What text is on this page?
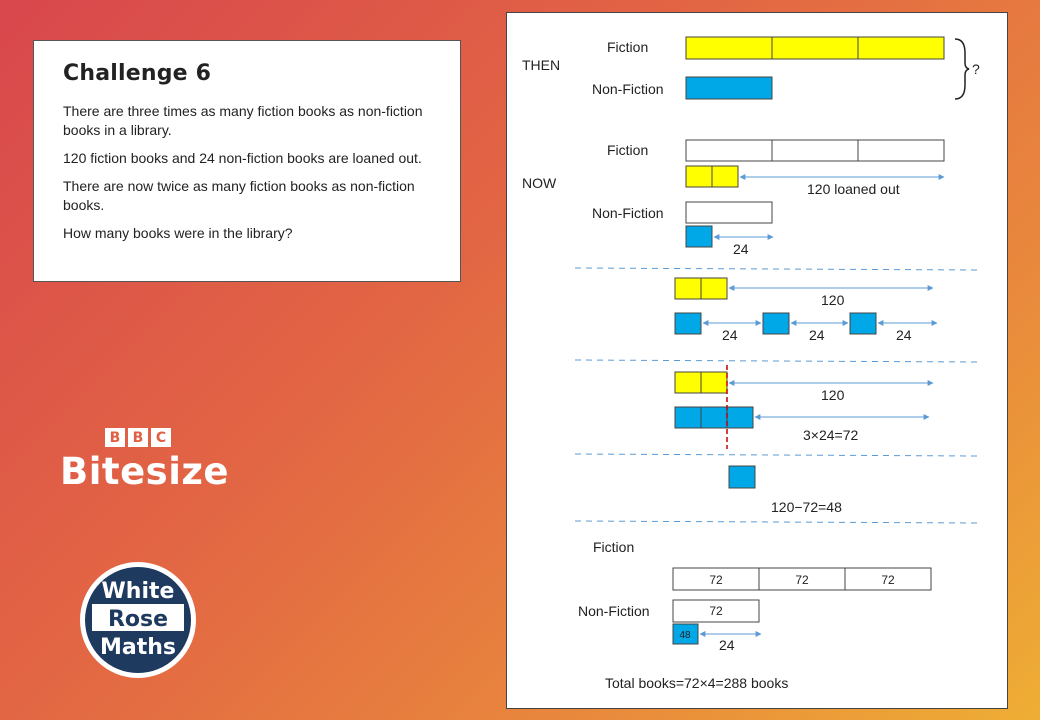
Challenge 6

There are three times as many fiction books as non-fiction books in a library.

120 fiction books and 24 non-fiction books are loaned out.

There are now twice as many fiction books as non-fiction books.

How many books were in the library?

B B C
Bitesize
White
Rose
Maths
THEN
Fiction
Non-Fiction
?
NOW
Fiction
120 loaned out
Non-Fiction
24
120
24	24	24
120
3×24=72
120−72=48
Fiction
72	72	72
Non-Fiction	72
48
24
Total books=72×4=288 books
